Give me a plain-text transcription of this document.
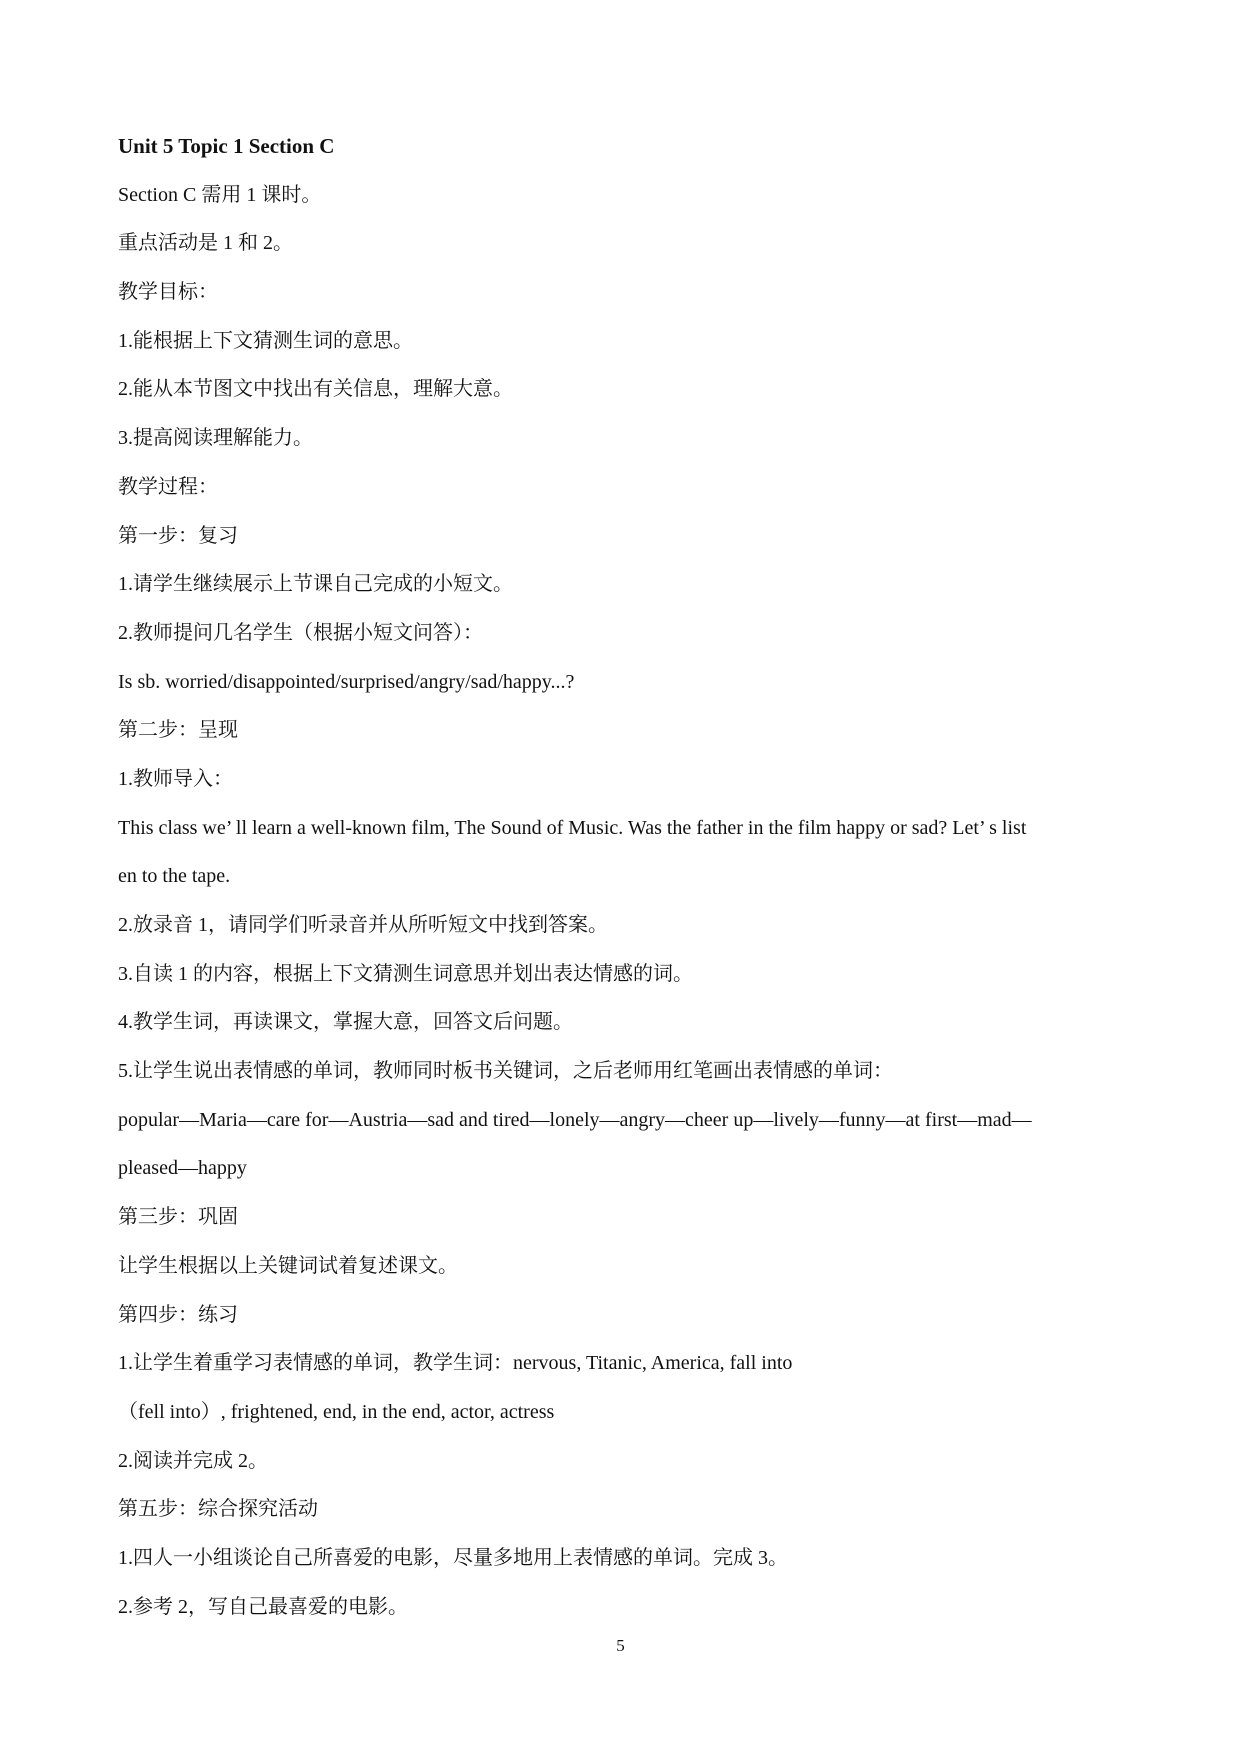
Unit 5 Topic 1 Section C

Section C 需用 1 课时。

重点活动是 1 和 2。

教学目标：

1.能根据上下文猜测生词的意思。

2.能从本节图文中找出有关信息，理解大意。

3.提高阅读理解能力。

教学过程：

第一步：复习

1.请学生继续展示上节课自己完成的小短文。

2.教师提问几名学生（根据小短文问答）：

Is sb. worried/disappointed/surprised/angry/sad/happy...?

第二步：呈现

1.教师导入：

This class we’ ll learn a well-known film, The Sound of Music. Was the father in the film happy or sad? Let’ s list

en to the tape.

2.放录音 1，请同学们听录音并从所听短文中找到答案。

3.自读 1 的内容，根据上下文猜测生词意思并划出表达情感的词。

4.教学生词，再读课文，掌握大意，回答文后问题。

5.让学生说出表情感的单词，教师同时板书关键词，之后老师用红笔画出表情感的单词：

popular—Maria—care for—Austria—sad and tired—lonely—angry—cheer up—lively—funny—at first—mad—

pleased—happy

第三步：巩固

让学生根据以上关键词试着复述课文。

第四步：练习

1.让学生着重学习表情感的单词，教学生词：nervous, Titanic, America, fall into

（fell into）, frightened, end, in the end, actor, actress

2.阅读并完成 2。

第五步：综合探究活动

1.四人一小组谈论自己所喜爱的电影，尽量多地用上表情感的单词。完成 3。

2.参考 2，写自己最喜爱的电影。

5
